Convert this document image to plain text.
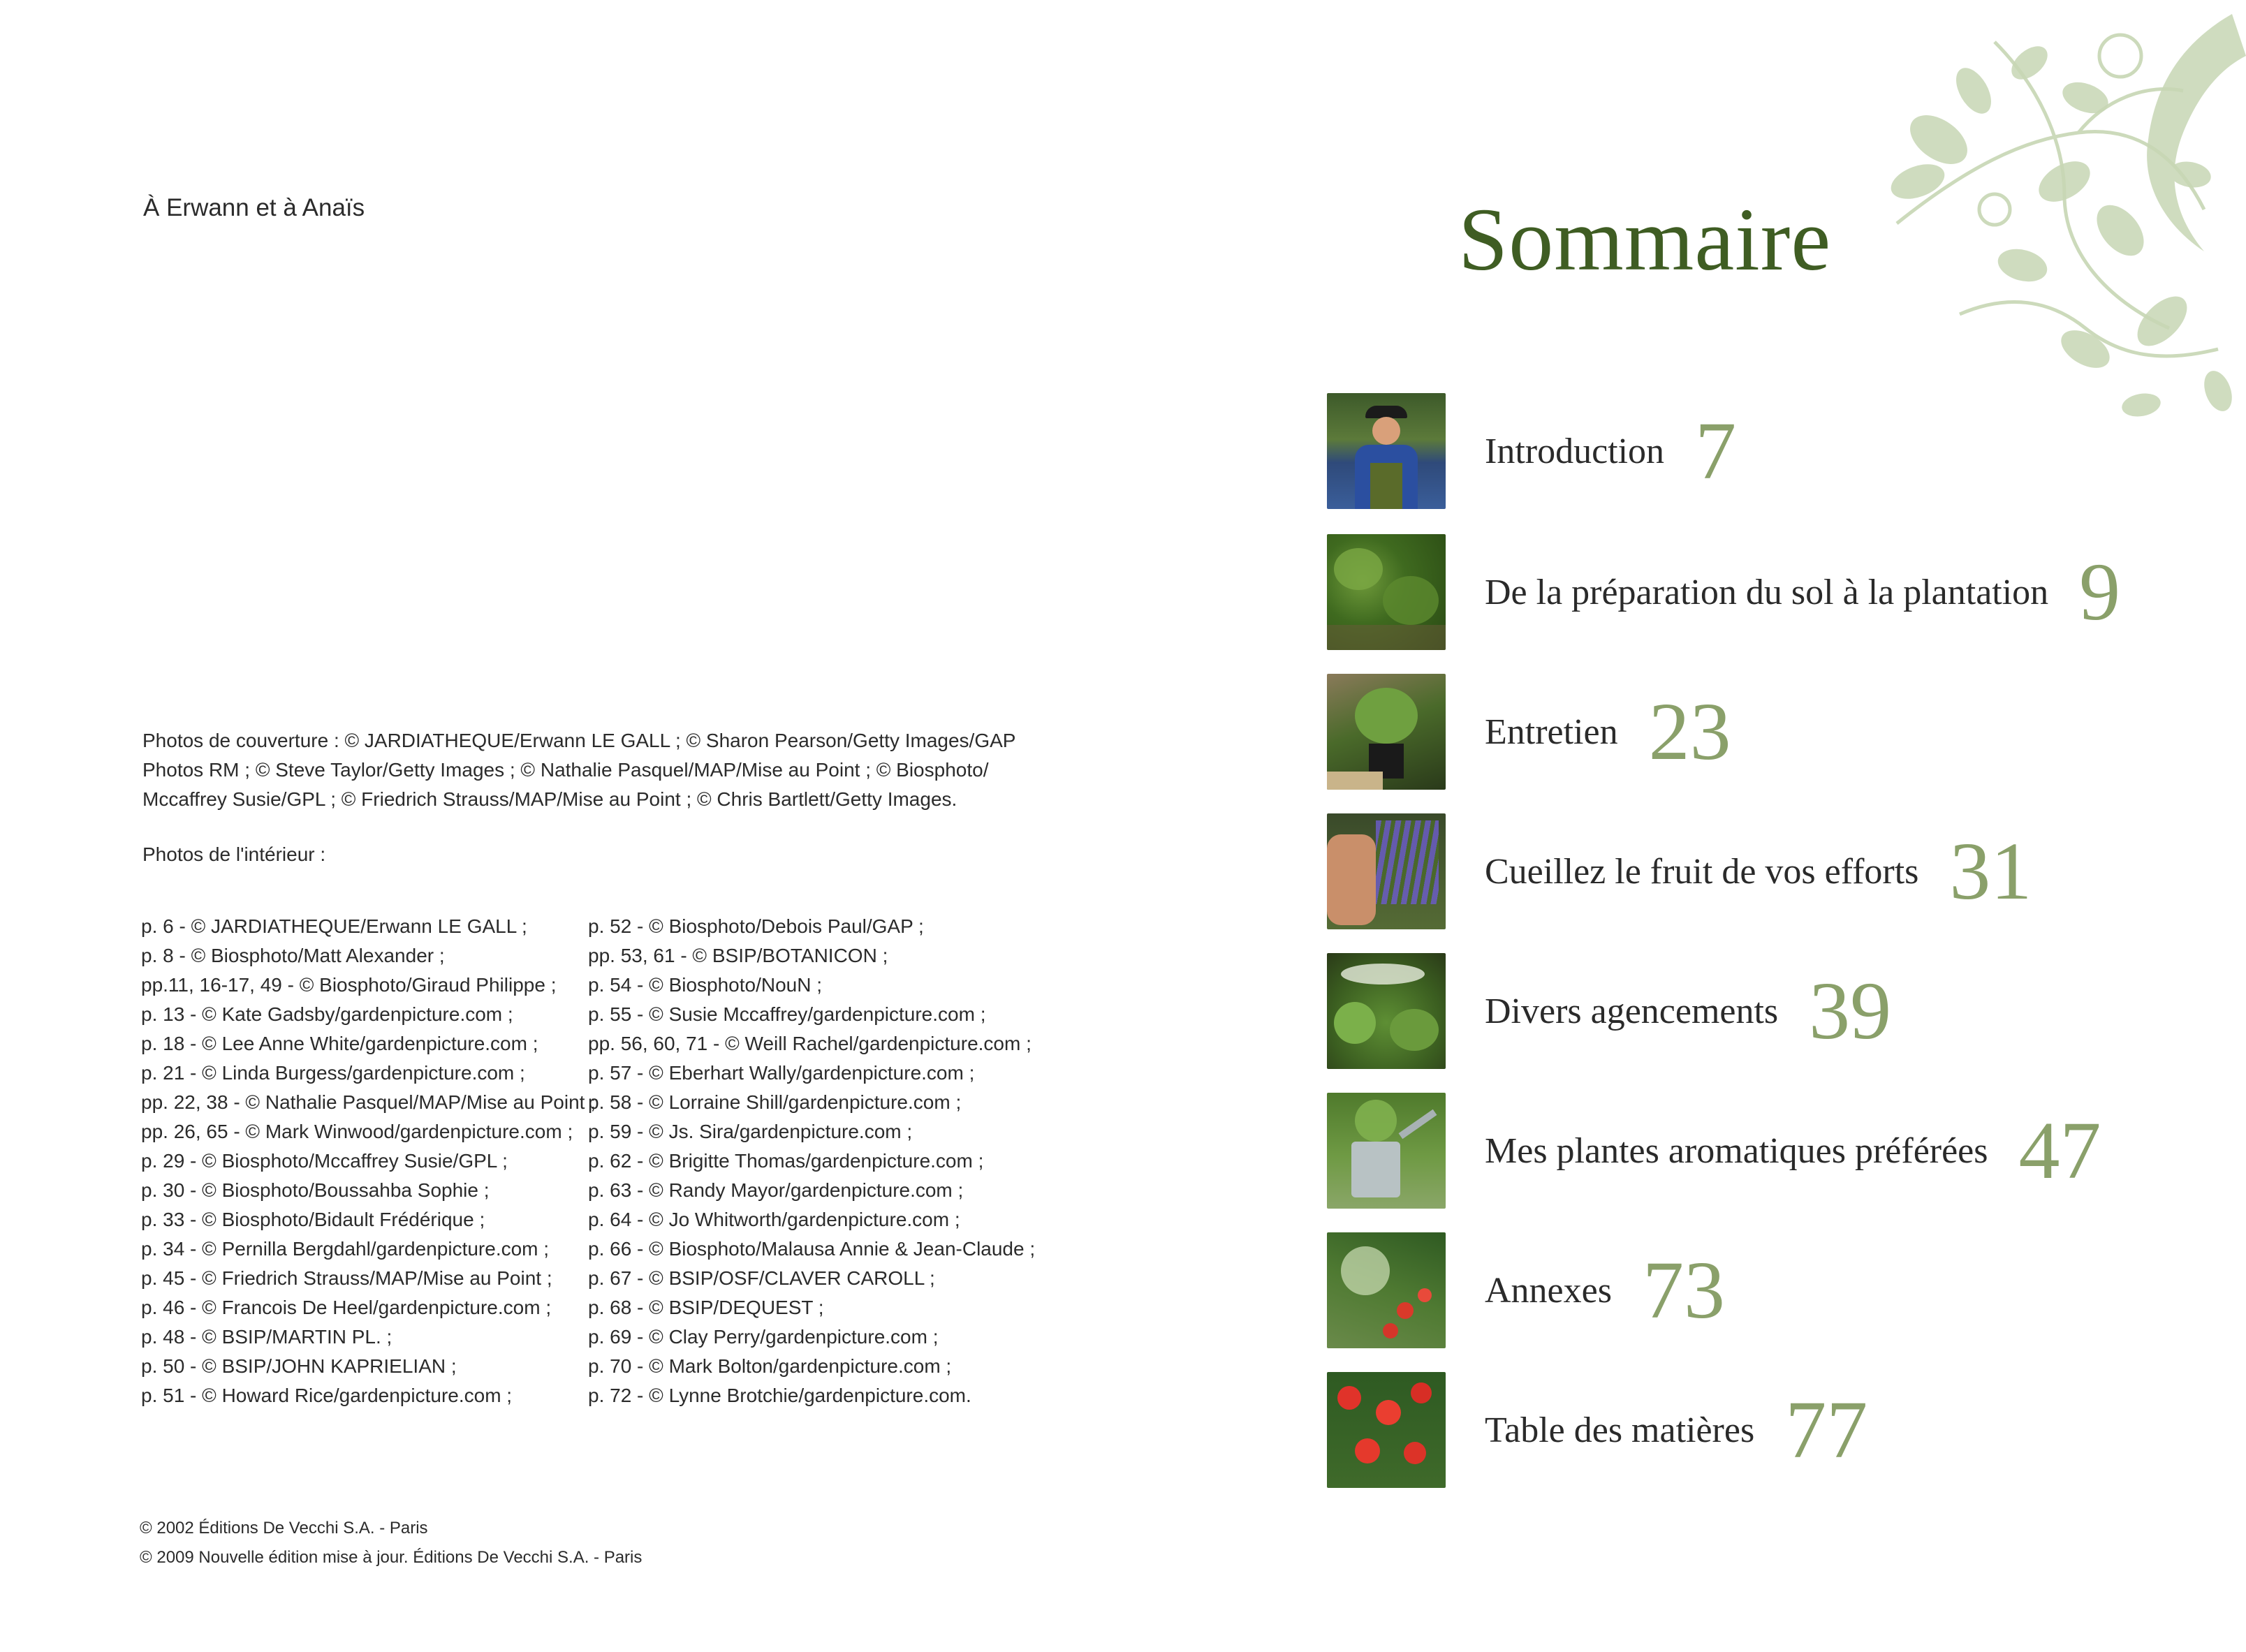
À Erwann et à Anaïs
Photos de couverture : © JARDIATHEQUE/Erwann LE GALL ; © Sharon Pearson/Getty Images/GAP
Photos RM ; © Steve Taylor/Getty Images ; © Nathalie Pasquel/MAP/Mise au Point ; © Biosphoto/
Mccaffrey Susie/GPL ; © Friedrich Strauss/MAP/Mise au Point ; © Chris Bartlett/Getty Images.
Photos de l'intérieur :
p. 6 - © JARDIATHEQUE/Erwann LE GALL ;
p. 8 - © Biosphoto/Matt Alexander ;
pp.11, 16-17, 49 - © Biosphoto/Giraud Philippe ;
p. 13 - © Kate Gadsby/gardenpicture.com ;
p. 18 - © Lee Anne White/gardenpicture.com ;
p. 21 - © Linda Burgess/gardenpicture.com ;
pp. 22, 38 - © Nathalie Pasquel/MAP/Mise au Point ;
pp. 26, 65 - © Mark Winwood/gardenpicture.com ;
p. 29 - © Biosphoto/Mccaffrey Susie/GPL ;
p. 30 - © Biosphoto/Boussahba Sophie ;
p. 33 - © Biosphoto/Bidault Frédérique ;
p. 34 - © Pernilla Bergdahl/gardenpicture.com ;
p. 45 - © Friedrich Strauss/MAP/Mise au Point ;
p. 46 - © Francois De Heel/gardenpicture.com ;
p. 48 - © BSIP/MARTIN PL. ;
p. 50 - © BSIP/JOHN KAPRIELIAN ;
p. 51 - © Howard Rice/gardenpicture.com ;
p. 52 - © Biosphoto/Debois Paul/GAP ;
pp. 53, 61 - © BSIP/BOTANICON ;
p. 54 - © Biosphoto/NouN ;
p. 55 - © Susie Mccaffrey/gardenpicture.com ;
pp. 56, 60, 71 - © Weill Rachel/gardenpicture.com ;
p. 57 - © Eberhart Wally/gardenpicture.com ;
p. 58 - © Lorraine Shill/gardenpicture.com ;
p. 59 - © Js. Sira/gardenpicture.com ;
p. 62 - © Brigitte Thomas/gardenpicture.com ;
p. 63 - © Randy Mayor/gardenpicture.com ;
p. 64 - © Jo Whitworth/gardenpicture.com ;
p. 66 - © Biosphoto/Malausa Annie & Jean-Claude ;
p. 67 - © BSIP/OSF/CLAVER CAROLL ;
p. 68 - © BSIP/DEQUEST ;
p. 69 - © Clay Perry/gardenpicture.com ;
p. 70 - © Mark Bolton/gardenpicture.com ;
p. 72 - © Lynne Brotchie/gardenpicture.com.
© 2002 Éditions De Vecchi S.A. - Paris
© 2009 Nouvelle édition mise à jour. Éditions De Vecchi S.A. - Paris
Sommaire
Introduction 7
De la préparation du sol à la plantation 9
Entretien 23
Cueillez le fruit de vos efforts 31
Divers agencements 39
Mes plantes aromatiques préférées 47
Annexes 73
Table des matières 77
